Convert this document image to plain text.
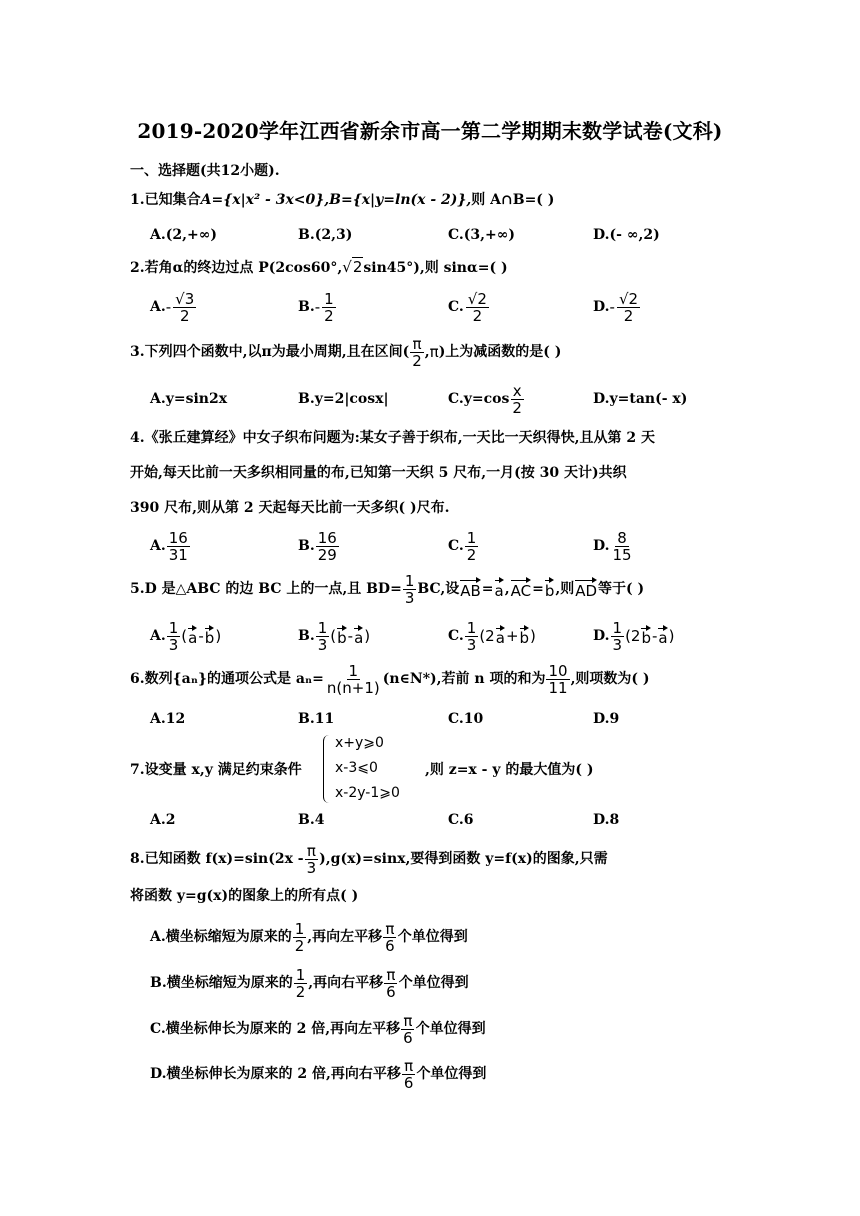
2019-2020学年江西省新余市高一第二学期期末数学试卷(文科)
一、选择题(共12小题).
1.已知集合A={x|x² - 3x<0},B={x|y=ln(x - 2)},则 A∩B=( )
A.(2,+∞)	B.(2,3)	C.(3,+∞)	D.(- ∞,2)
2.若角α的终边过点 P(2cos60°,√2sin45°),则 sinα=( )
A. - $\frac{√3}{2}$	B. - $\frac{1}{2}$	C. $\frac{√2}{2}$	D. - $\frac{√2}{2}$
3.下列四个函数中,以π为最小周期,且在区间( $\frac{\pi}{2}$ , π )上为减函数的是( )
A.y=sin2x	B.y=2|cosx|	$C.y=\cos \frac{x}{2}$	D.y=tan(- x)
4.《张丘建算经》中女子织布问题为:某女子善于织布,一天比一天织得快,且从第 2 天
开始,每天比前一天多织相同量的布,已知第一天织 5 尺布,一月(按 30 天计)共织
390 尺布,则从第 2 天起每天比前一天多织( )尺布.
A. $\frac{16}{31}$	B. $\frac{16}{29}$	C. $\frac{1}{2}$	D. $\frac{8}{15}$
5.D 是△ABC 的边 BC 上的一点,且 $BD= \frac{1}{3}$ BC,设 AB = a , AC = b ,则 AD 等于( )
A. $\frac{1}{3}$ ( a - b )	B. $\frac{1}{3}$ ( b - a )	C. $\frac{1}{3} (2$ a + b )	D. $\frac{1}{3} (2$ b - a )
6.数列{aₙ}的通项公式是 $a_n= \frac{1}{n(n+1)}$ (n∈N*),若前 n 项的和为 $\frac{10}{11}$ ,则项数为( )
A.12	B.11	C.10	D.9
7.设变量 x,y 满足约束条件
x+y⩾0
x-3⩽0
x-2y-1⩾0
,则 z=x - y 的最大值为( )
A.2	B.4	C.6	D.8
8.已知函数 $f(x)=\sin(2x - \frac{\pi}{3} ),g(x)=\sin x$,要得到函数 y=f(x)的图象,只需
将函数 y=g(x)的图象上的所有点( )
A.横坐标缩短为原来的 $\frac{1}{2}$ ,再向左平移 $\frac{\pi}{6}$ 个单位得到
B.横坐标缩短为原来的 $\frac{1}{2}$ ,再向右平移 $\frac{\pi}{6}$ 个单位得到
C.横坐标伸长为原来的 2 倍,再向左平移 $\frac{\pi}{6}$ 个单位得到
D.横坐标伸长为原来的 2 倍,再向右平移 $\frac{\pi}{6}$ 个单位得到
